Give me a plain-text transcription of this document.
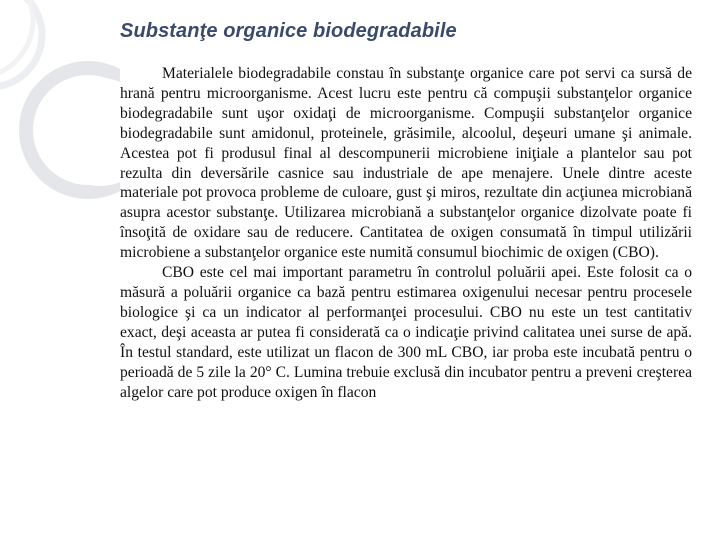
Substanţe organice biodegradabile

Materialele biodegradabile constau în substanţe organice care pot servi ca sursă de hrană pentru microorganisme. Acest lucru este pentru că compuşii substanţelor organice biodegradabile sunt uşor oxidaţi de microorganisme. Compuşii substanţelor organice biodegradabile sunt amidonul, proteinele, grăsimile, alcoolul, deşeuri umane şi animale. Acestea pot fi produsul final al descompunerii microbiene iniţiale a plantelor sau pot rezulta din deversările casnice sau industriale de ape menajere. Unele dintre aceste materiale pot provoca probleme de culoare, gust şi miros, rezultate din acţiunea microbiană asupra acestor substanţe. Utilizarea microbiană a substanţelor organice dizolvate poate fi însoţită de oxidare sau de reducere. Cantitatea de oxigen consumată în timpul utilizării microbiene a substanţelor organice este numită consumul biochimic de oxigen (CBO).

CBO este cel mai important parametru în controlul poluării apei. Este folosit ca o măsură a poluării organice ca bază pentru estimarea oxigenului necesar pentru procesele biologice şi ca un indicator al performanţei procesului. CBO nu este un test cantitativ exact, deşi aceasta ar putea fi considerată ca o indicaţie privind calitatea unei surse de apă. În testul standard, este utilizat un flacon de 300 mL CBO, iar proba este incubată pentru o perioadă de 5 zile la 20° C. Lumina trebuie exclusă din incubator pentru a preveni creşterea algelor care pot produce oxigen în flacon
